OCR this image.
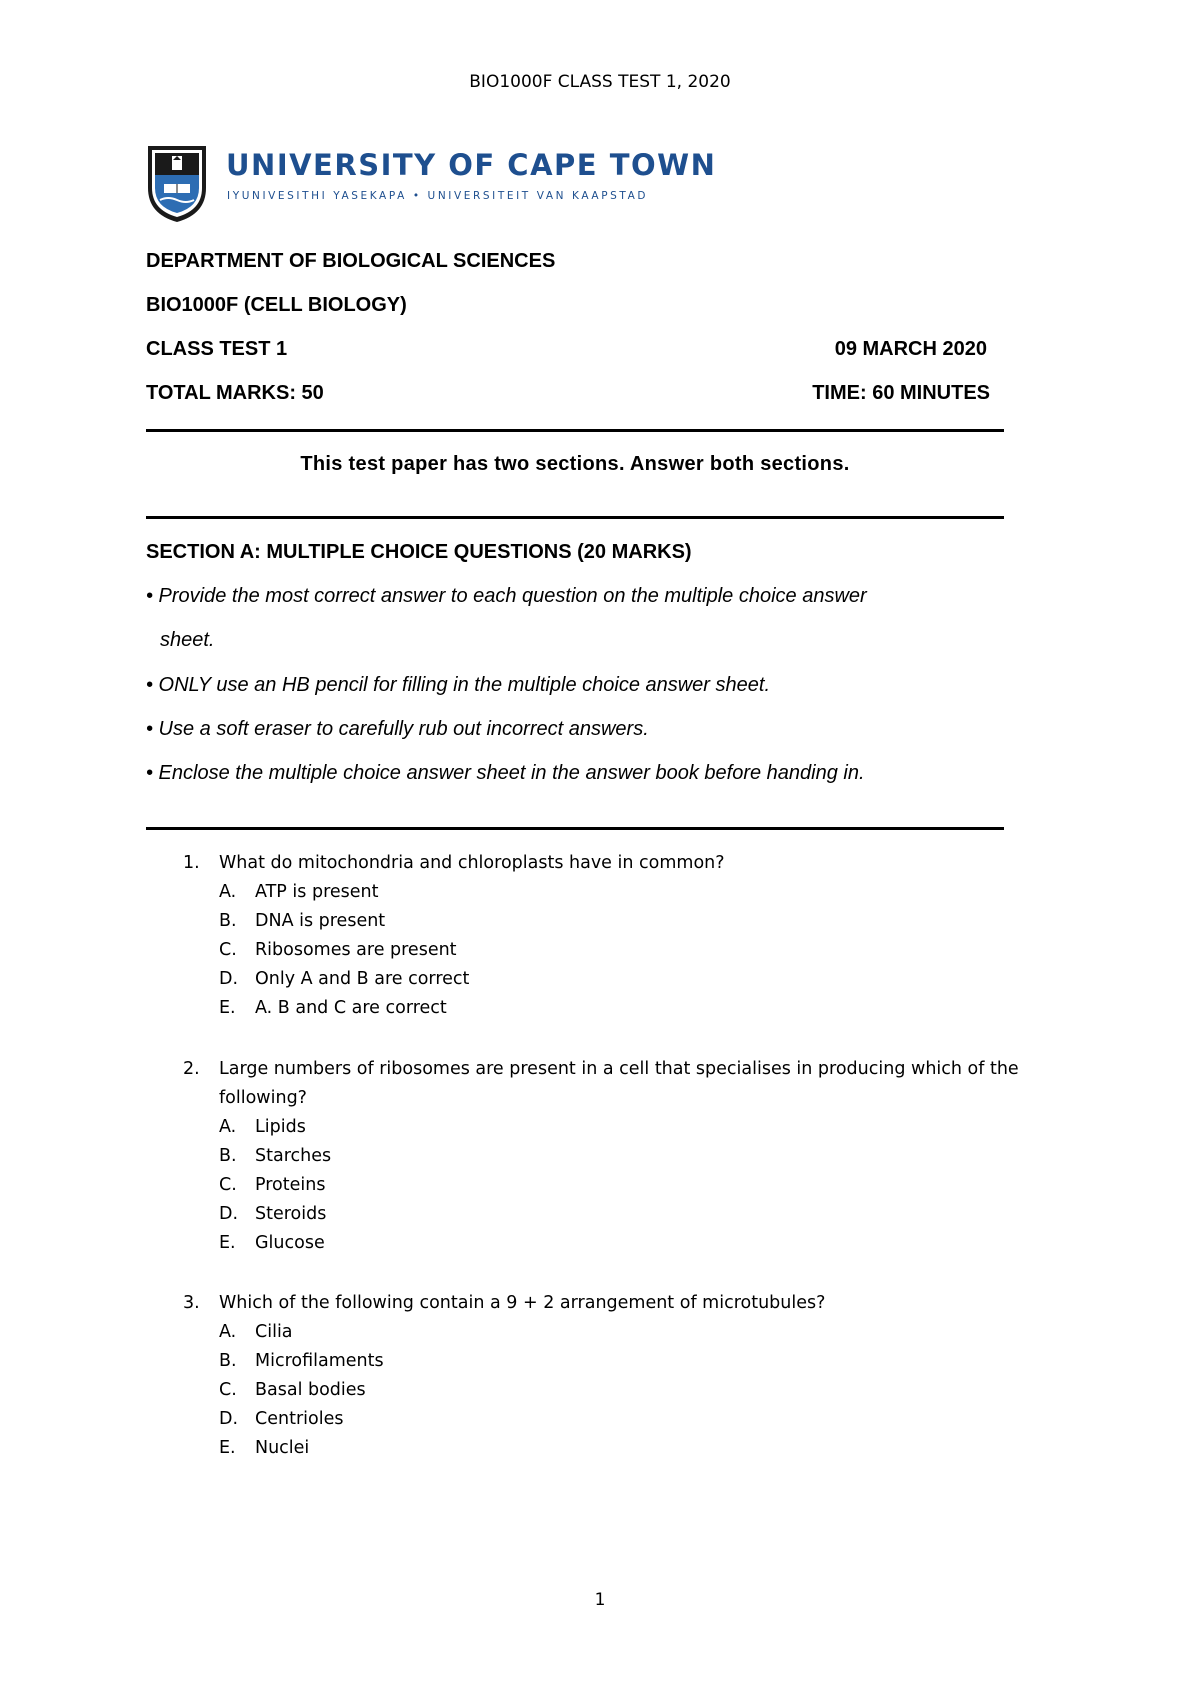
BIO1000F CLASS TEST 1, 2020
UNIVERSITY OF CAPE TOWN
IYUNIVESITHI YASEKAPA • UNIVERSITEIT VAN KAAPSTAD
DEPARTMENT OF BIOLOGICAL SCIENCES
BIO1000F (CELL BIOLOGY)
CLASS TEST 1	09 MARCH 2020
TOTAL MARKS: 50	TIME: 60 MINUTES
This test paper has two sections. Answer both sections.
SECTION A: MULTIPLE CHOICE QUESTIONS (20 MARKS)
• Provide the most correct answer to each question on the multiple choice answer
sheet.
• ONLY use an HB pencil for filling in the multiple choice answer sheet.
• Use a soft eraser to carefully rub out incorrect answers.
• Enclose the multiple choice answer sheet in the answer book before handing in.
1.	What do mitochondria and chloroplasts have in common?
A.	ATP is present
B.	DNA is present
C.	Ribosomes are present
D. Only A and B are correct
E.	A. B and C are correct
2.	Large numbers of ribosomes are present in a cell that specialises in producing which of the following?
A.	Lipids
B.	Starches
C.	Proteins
D. Steroids
E.	Glucose
3.	Which of the following contain a 9 + 2 arrangement of microtubules?
A.	Cilia
B.	Microfilaments
C.	Basal bodies
D. Centrioles
E.	Nuclei
1
